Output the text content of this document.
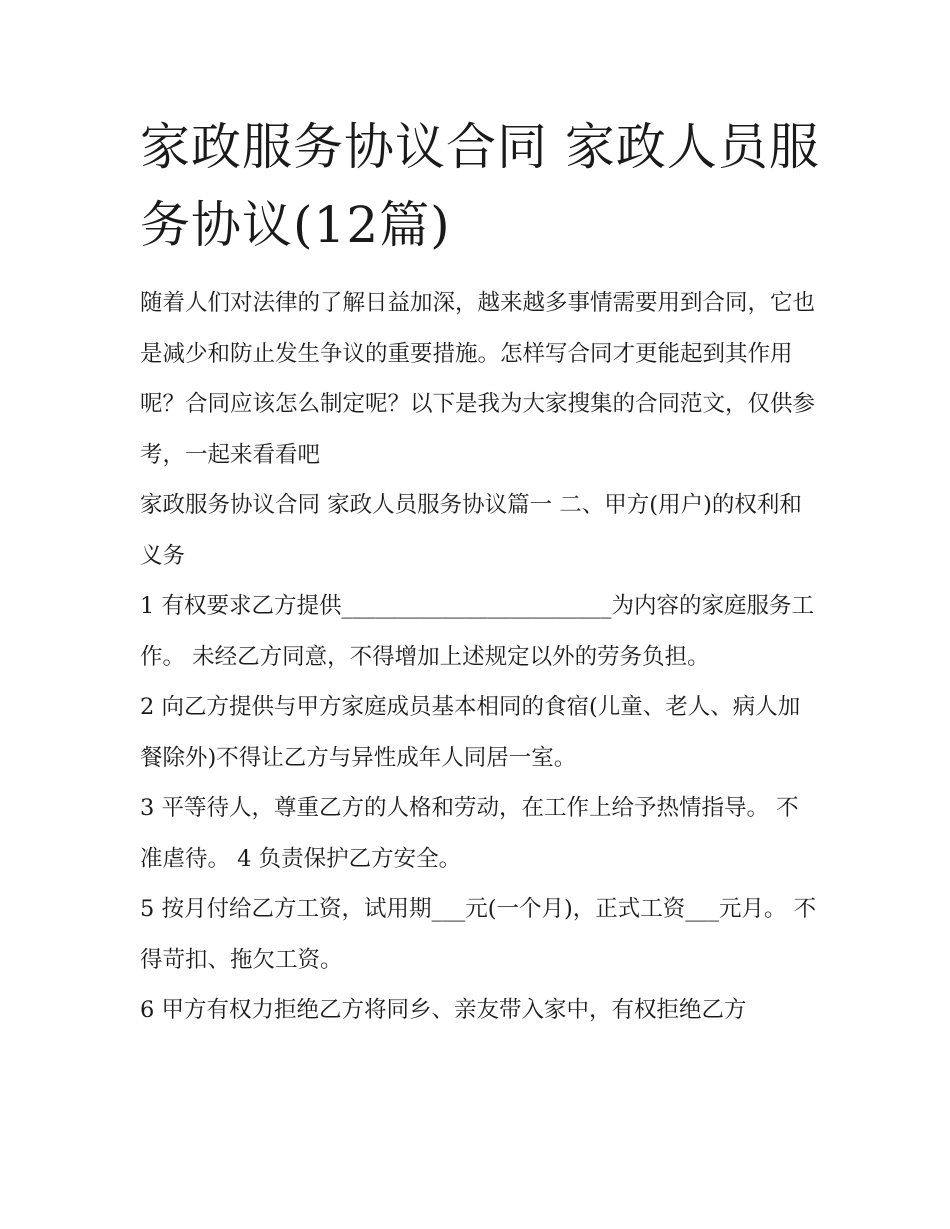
家政服务协议合同 家政人员服务协议(12篇)

随着人们对法律的了解日益加深，越来越多事情需要用到合同，它也是减少和防止发生争议的重要措施。怎样写合同才更能起到其作用呢？合同应该怎么制定呢？以下是我为大家搜集的合同范文，仅供参考，一起来看看吧

家政服务协议合同 家政人员服务协议篇一 二、甲方(用户)的权利和义务

1 有权要求乙方提供________________________为内容的家庭服务工作。 未经乙方同意，不得增加上述规定以外的劳务负担。

2 向乙方提供与甲方家庭成员基本相同的食宿(儿童、老人、病人加餐除外)不得让乙方与异性成年人同居一室。

3 平等待人，尊重乙方的人格和劳动，在工作上给予热情指导。 不准虐待。 4 负责保护乙方安全。

5 按月付给乙方工资，试用期___元(一个月)，正式工资___元月。 不得苛扣、拖欠工资。

6 甲方有权力拒绝乙方将同乡、亲友带入家中，有权拒绝乙方
